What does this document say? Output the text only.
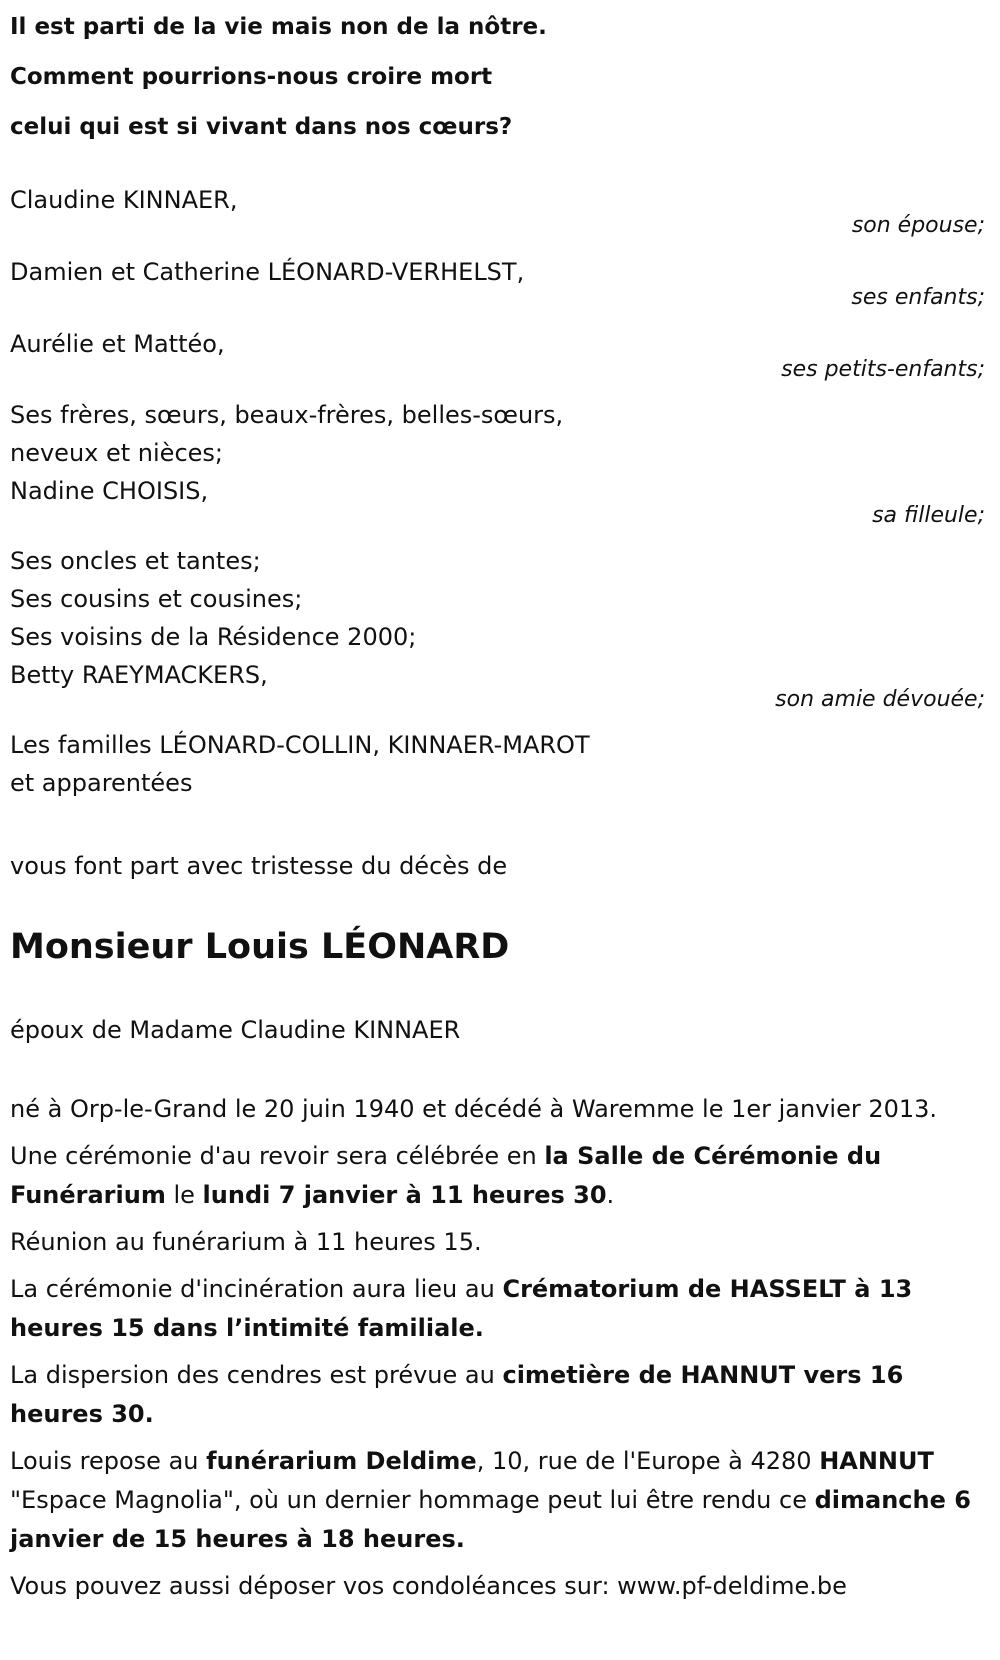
Il est parti de la vie mais non de la nôtre.
Comment pourrions-nous croire mort
celui qui est si vivant dans nos cœurs?
Claudine KINNAER,
son épouse;
Damien et Catherine LÉONARD-VERHELST,
ses enfants;
Aurélie et Mattéo,
ses petits-enfants;
Ses frères, sœurs, beaux-frères, belles-sœurs,
neveux et nièces;
Nadine CHOISIS,
sa filleule;
Ses oncles et tantes;
Ses cousins et cousines;
Ses voisins de la Résidence 2000;
Betty RAEYMACKERS,
son amie dévouée;
Les familles LÉONARD-COLLIN, KINNAER-MAROT
et apparentées
vous font part avec tristesse du décès de
Monsieur Louis LÉONARD
époux de Madame Claudine KINNAER
né à Orp-le-Grand le 20 juin 1940 et décédé à Waremme le 1er janvier 2013.
Une cérémonie d'au revoir sera célébrée en la Salle de Cérémonie du Funérarium le lundi 7 janvier à 11 heures 30.
Réunion au funérarium à 11 heures 15.
La cérémonie d'incinération aura lieu au Crématorium de HASSELT à 13 heures 15 dans l’intimité familiale.
La dispersion des cendres est prévue au cimetière de HANNUT vers 16 heures 30.
Louis repose au funérarium Deldime, 10, rue de l'Europe à 4280 HANNUT "Espace Magnolia", où un dernier hommage peut lui être rendu ce dimanche 6 janvier de 15 heures à 18 heures.
Vous pouvez aussi déposer vos condoléances sur: www.pf-deldime.be
